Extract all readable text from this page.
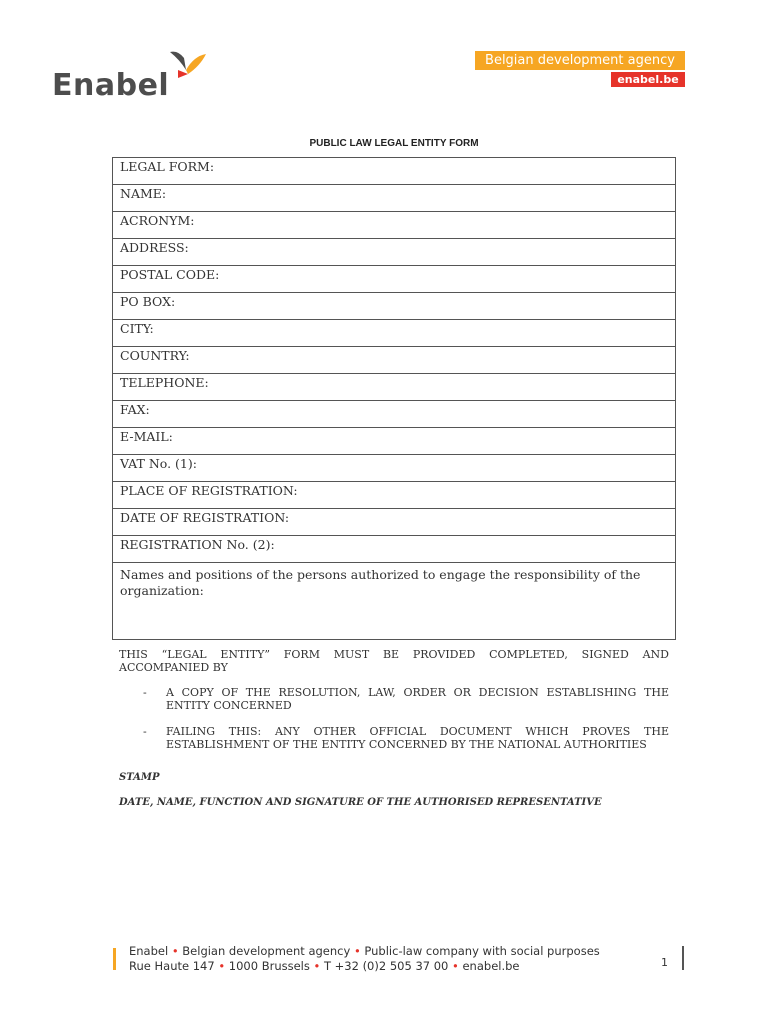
Enabel
Belgian development agency
enabel.be
PUBLIC LAW LEGAL ENTITY FORM
LEGAL FORM:
NAME:
ACRONYM:
ADDRESS:
POSTAL CODE:
PO BOX:
CITY:
COUNTRY:
TELEPHONE:
FAX:
E-MAIL:
VAT No. (1):
PLACE OF REGISTRATION:
DATE OF REGISTRATION:
REGISTRATION No. (2):
Names and positions of the persons authorized to engage the responsibility of the organization:
THIS “LEGAL ENTITY” FORM MUST BE PROVIDED COMPLETED, SIGNED AND ACCOMPANIED BY
- A COPY OF THE RESOLUTION, LAW, ORDER OR DECISION ESTABLISHING THE ENTITY CONCERNED
- FAILING THIS: ANY OTHER OFFICIAL DOCUMENT WHICH PROVES THE ESTABLISHMENT OF THE ENTITY CONCERNED BY THE NATIONAL AUTHORITIES
STAMP
DATE, NAME, FUNCTION AND SIGNATURE OF THE AUTHORISED REPRESENTATIVE
Enabel • Belgian development agency • Public-law company with social purposes
Rue Haute 147 • 1000 Brussels • T +32 (0)2 505 37 00 • enabel.be	1
